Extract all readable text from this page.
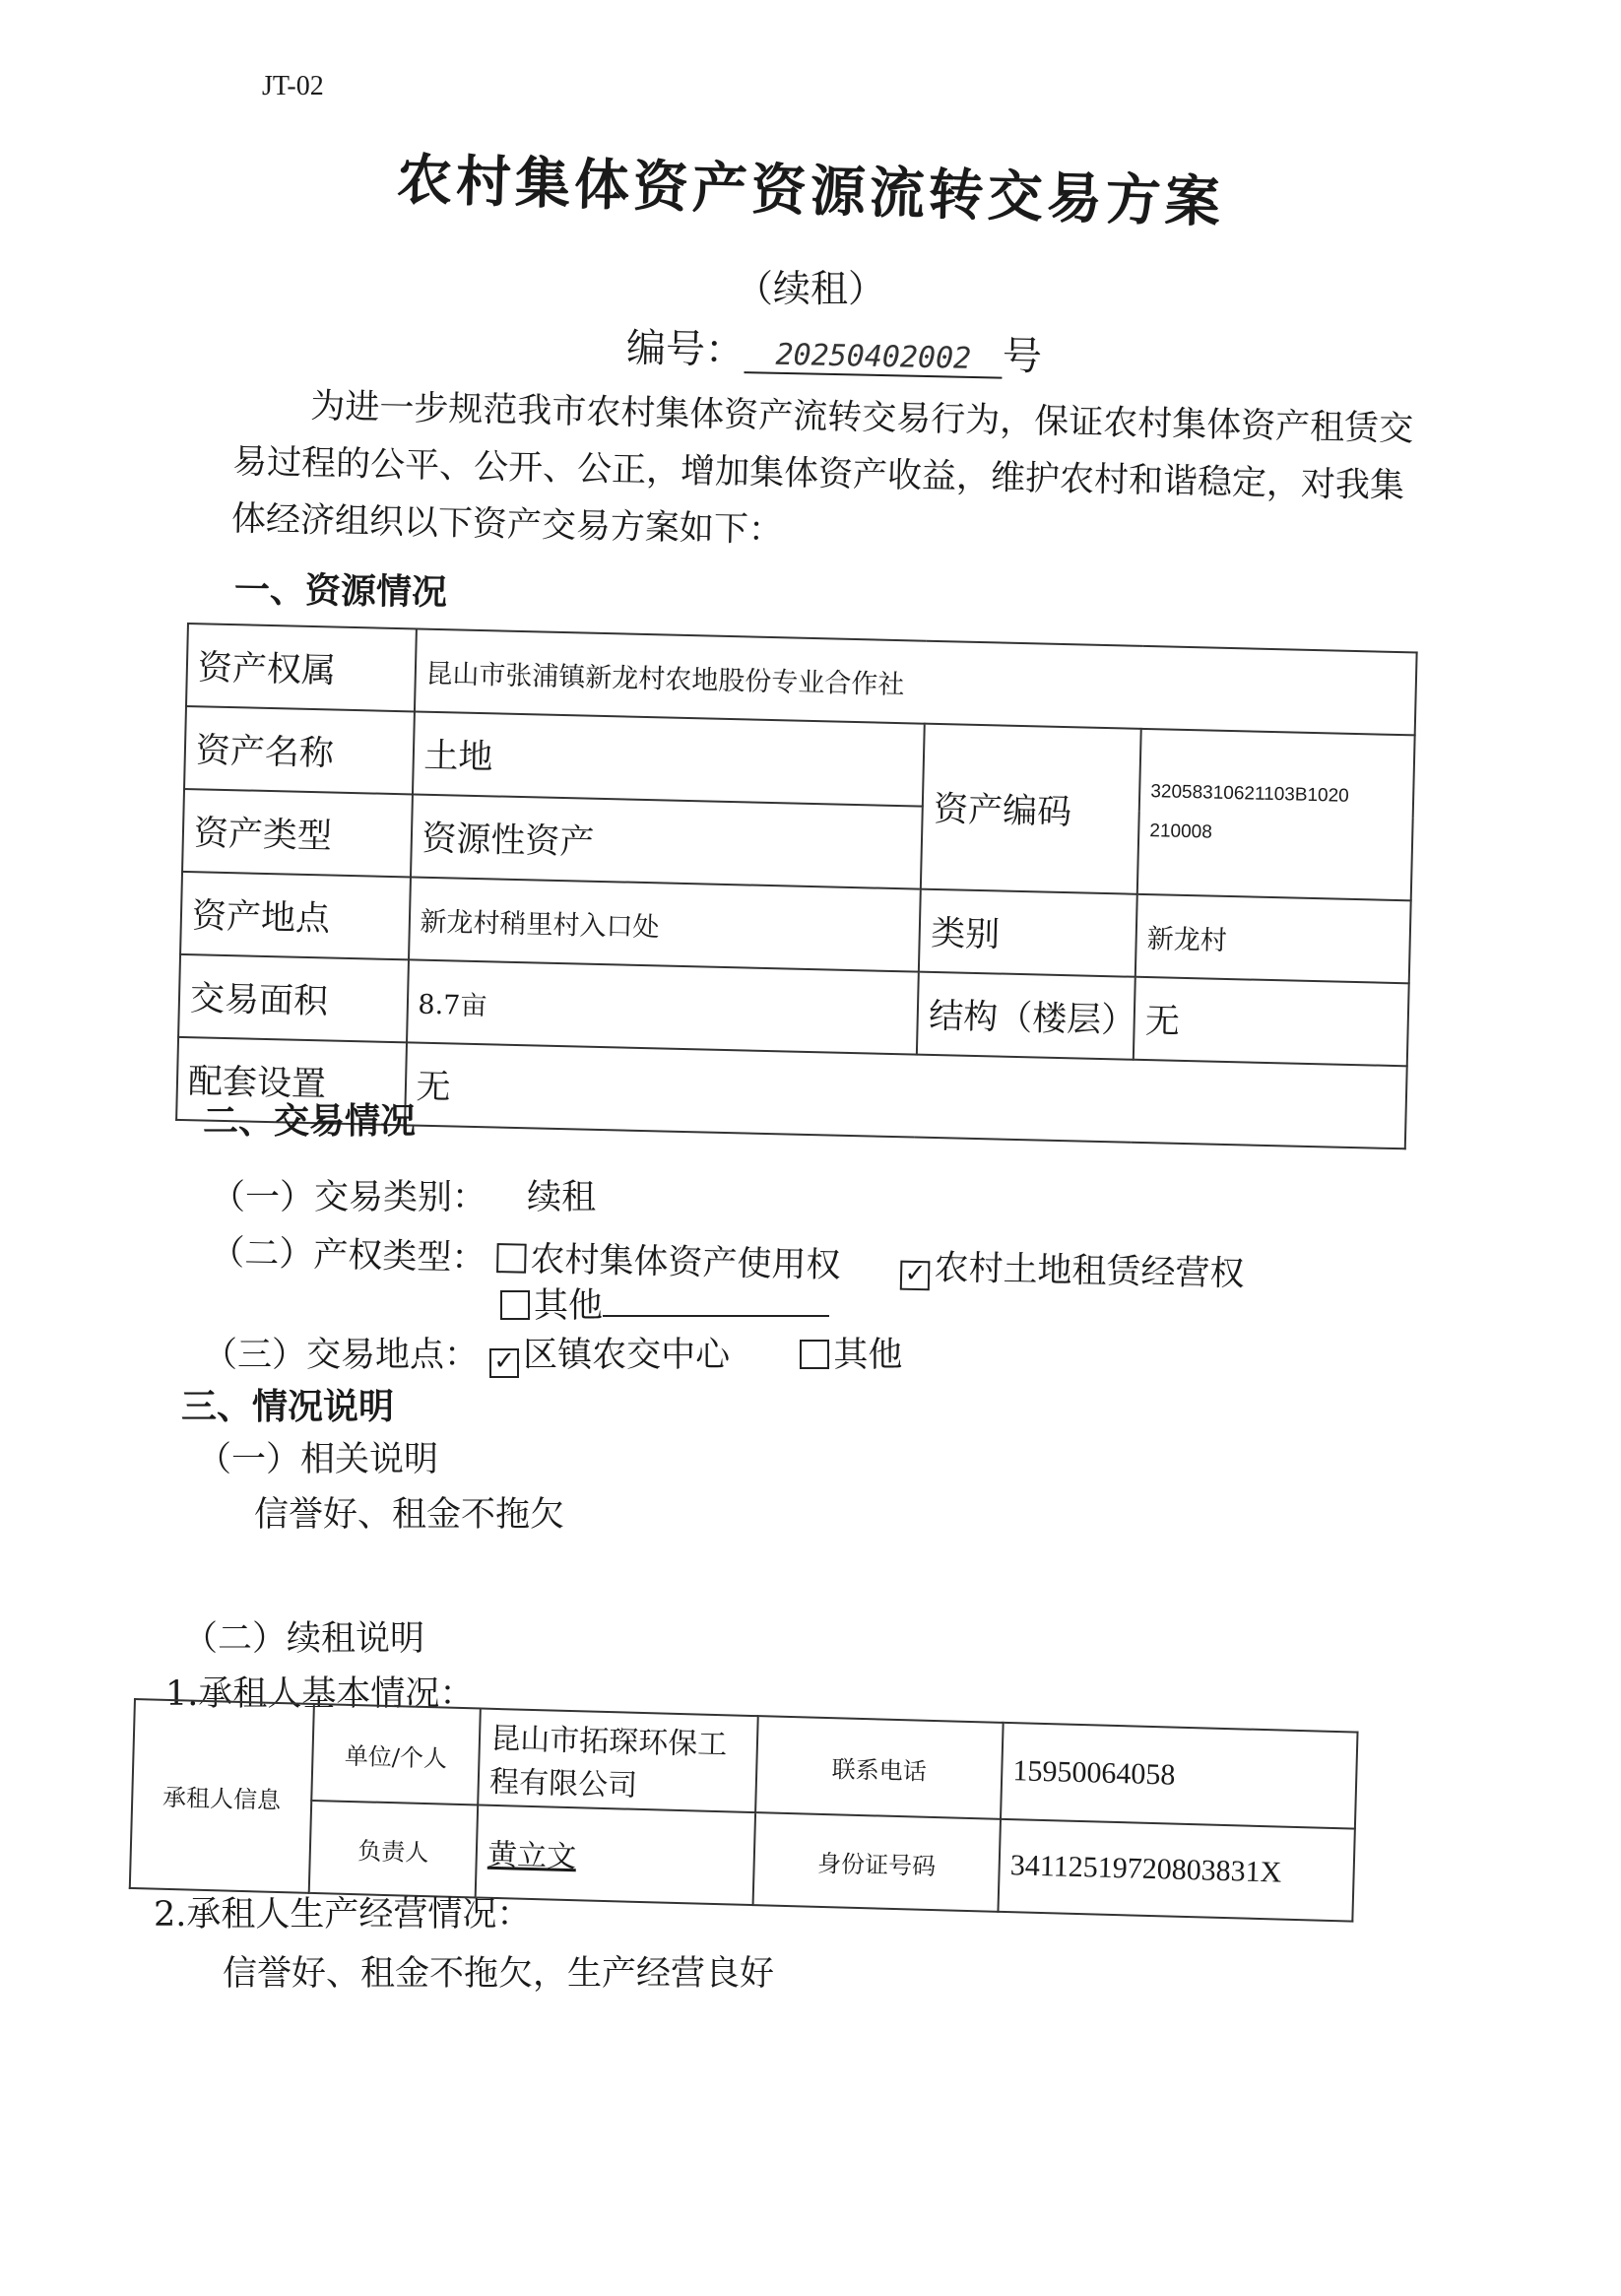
JT-02
农村集体资产资源流转交易方案
（续租）
编号： 20250402002 号
为进一步规范我市农村集体资产流转交易行为，保证农村集体资产租赁交易过程的公平、公开、公正，增加集体资产收益，维护农村和谐稳定，对我集体经济组织以下资产交易方案如下：
一、资源情况
资产权属	昆山市张浦镇新龙村农地股份专业合作社		
资产名称	土地	资产编码	32058310621103B1020
210008

资产类型	资源性资产		
资产地点	新龙村稍里村入口处	类别	新龙村
交易面积	8.7亩	结构（楼层）	无
配套设置	无		
二、交易情况
（一）交易类别： 续租
（二）产权类型： 农村集体资产使用权 ✓ 农村土地租赁经营权
其他
（三）交易地点： ✓ 区镇农交中心	其他
三、情况说明
（一）相关说明
信誉好、租金不拖欠
（二）续租说明
1.承租人基本情况：
承租人信息	单位/个人	昆山市拓琛环保工程有限公司	联系电话	15950064058
	负责人	黄立文	身份证号码	34112519720803831X
2.承租人生产经营情况：
信誉好、租金不拖欠，生产经营良好
